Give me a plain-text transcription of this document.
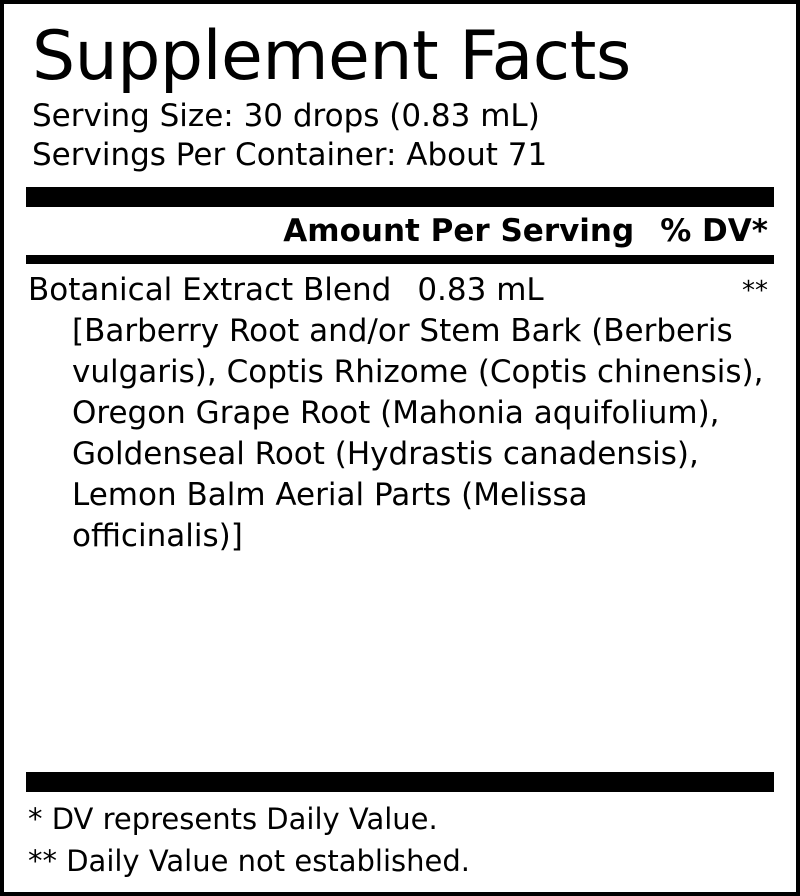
Supplement Facts
Serving Size: 30 drops (0.83 mL)
Servings Per Container: About 71
Amount Per Serving % DV*
Botanical Extract Blend 0.83 mL	**
[Barberry Root and/or Stem Bark (Berberis vulgaris), Coptis Rhizome (Coptis chinensis), Oregon Grape Root (Mahonia aquifolium), Goldenseal Root (Hydrastis canadensis), Lemon Balm Aerial Parts (Melissa officinalis)]
* DV represents Daily Value.
** Daily Value not established.
